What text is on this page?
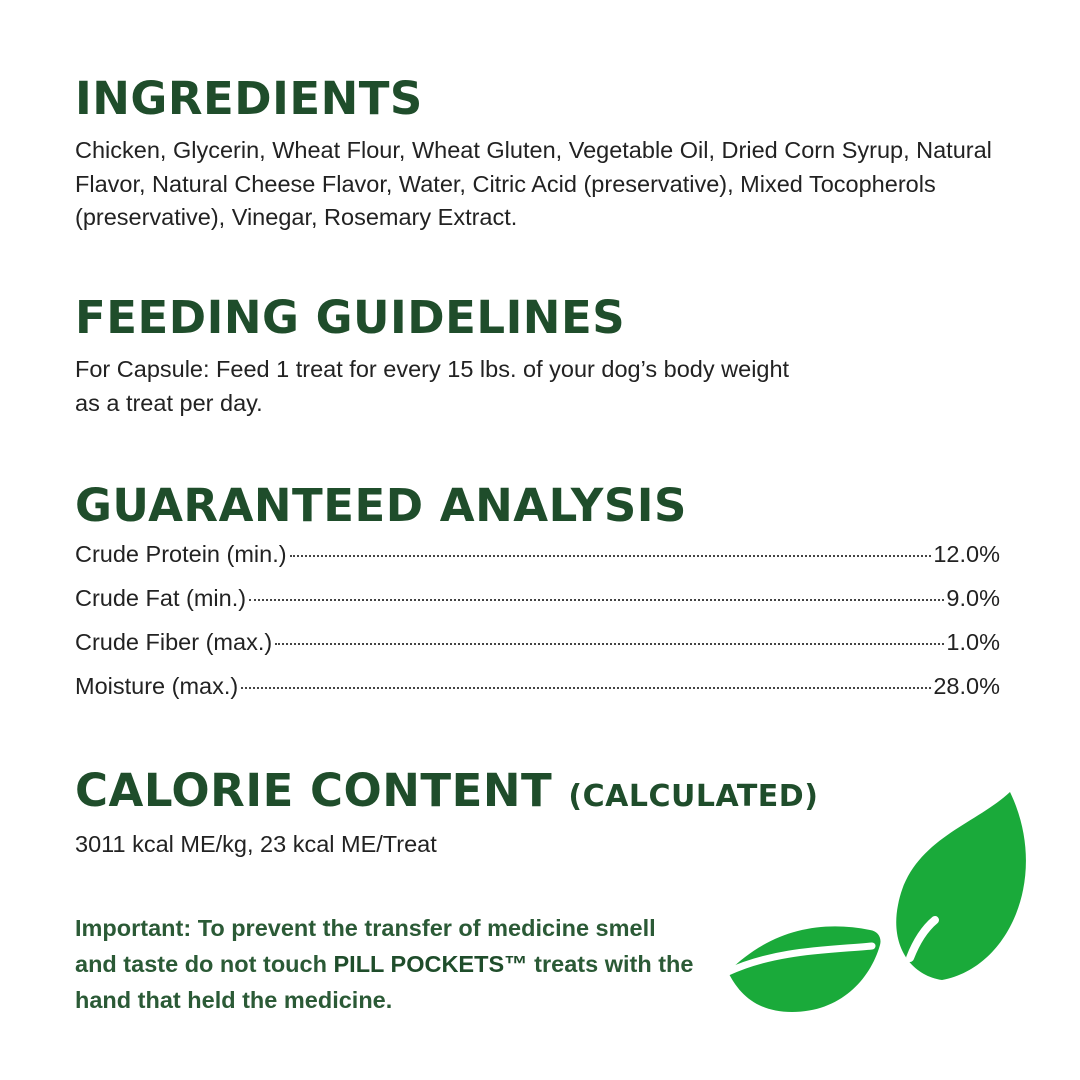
INGREDIENTS

Chicken, Glycerin, Wheat Flour, Wheat Gluten, Vegetable Oil, Dried Corn Syrup, Natural Flavor, Natural Cheese Flavor, Water, Citric Acid (preservative), Mixed Tocopherols (preservative), Vinegar, Rosemary Extract.

FEEDING GUIDELINES

For Capsule: Feed 1 treat for every 15 lbs. of your dog’s body weight
as a treat per day.

GUARANTEED ANALYSIS
Crude Protein (min.)	12.0%
Crude Fat (min.)	9.0%
Crude Fiber (max.)	1.0%
Moisture (max.)	28.0%
CALORIE CONTENT (CALCULATED)

3011 kcal ME/kg, 23 kcal ME/Treat

Important: To prevent the transfer of medicine smell and taste do not touch PILL POCKETS™ treats with the hand that held the medicine.
